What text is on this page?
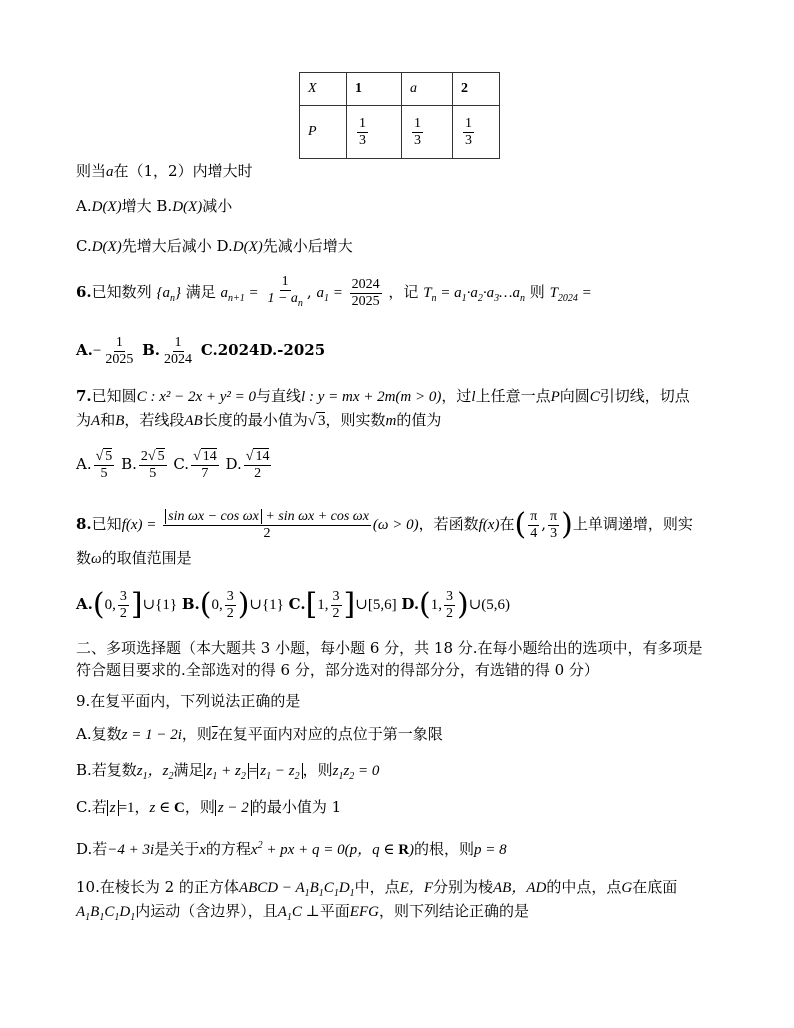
X	1	a	2
P	$\frac{1}{3}$	$\frac{1}{3}$	$\frac{1}{3}$
则当a在（1，2）内增大时
A.D(X)增大 B.D(X)减小
C.D(X)先增大后减小 D.D(X)先减小后增大
6.已知数列 $\{a_n\}$ 满足 $a_{n+1} = \frac{1}{1 - a_n}$ , $a_1 = \frac{2024}{2025}$ ，记 $T_n$ = $a_1\cdot a_2\cdot a_3\dots a_n$ 则 $T_{2024}$ =
$A.- \frac{1}{2025} B$. $\frac{1}{2024} C.2024D.-2025$
7.已知圆C : x² − 2x + y² = 0与直线l : y = mx + 2m(m > 0)，过l上任意一点P向圆C引切线，切点
为A和B，若线段AB长度的最小值为√ 3，则实数m的值为
A. $\frac{√ 5}{5} B$. $\frac{2√ 5}{5} C$. $\frac{√ 14}{7} D$. $\frac{√ 14}{2}$
8.已知$f(x) = \frac{\text{sin ωx − cos ωx + sin ωx + cos ωx}}{2} (\omega > 0)$，若函数f(x)在( $\frac{\pi}{4}$ , $\frac{\pi}{3}$ )上单调递增，则实
数ω的取值范围是
A.(0, $\frac{3}{2}$ ]∪{1} B.(0, $\frac{3}{2}$ )∪{1} C.[1, $\frac{3}{2}$ ]∪[5,6] D.(1, $\frac{3}{2}$ )∪(5,6)
二、多项选择题（本大题共 3 小题，每小题 6 分，共 18 分.在每小题给出的选项中，有多项是
符合题目要求的.全部选对的得 6 分，部分选对的得部分分，有选错的得 0 分）
9.在复平面内，下列说法正确的是
A.复数z = 1 − 2i，则$\overline{z}$在复平面内对应的点位于第一象限
B.若复数$z_1$，$z_2$满足 $z_1 + z_2 = z_1 - z_2$ ，则$z_1z_2 = 0$
C.若 z =1，z ∈ C，则 z − 2 的最小值为 1
D.若−4 + 3i是关于x的方程$x^2$ + px + q = 0(p，q ∈ R)的根，则p = 8
10.在棱长为 2 的正方体ABCD − $A_1B_1C_1D_1$中，点E，F分别为棱AB，AD的中点，点G在底面
$A_1B_1C_1D_1$内运动（含边界），且$A_1C$ ⊥平面EFG，则下列结论正确的是
